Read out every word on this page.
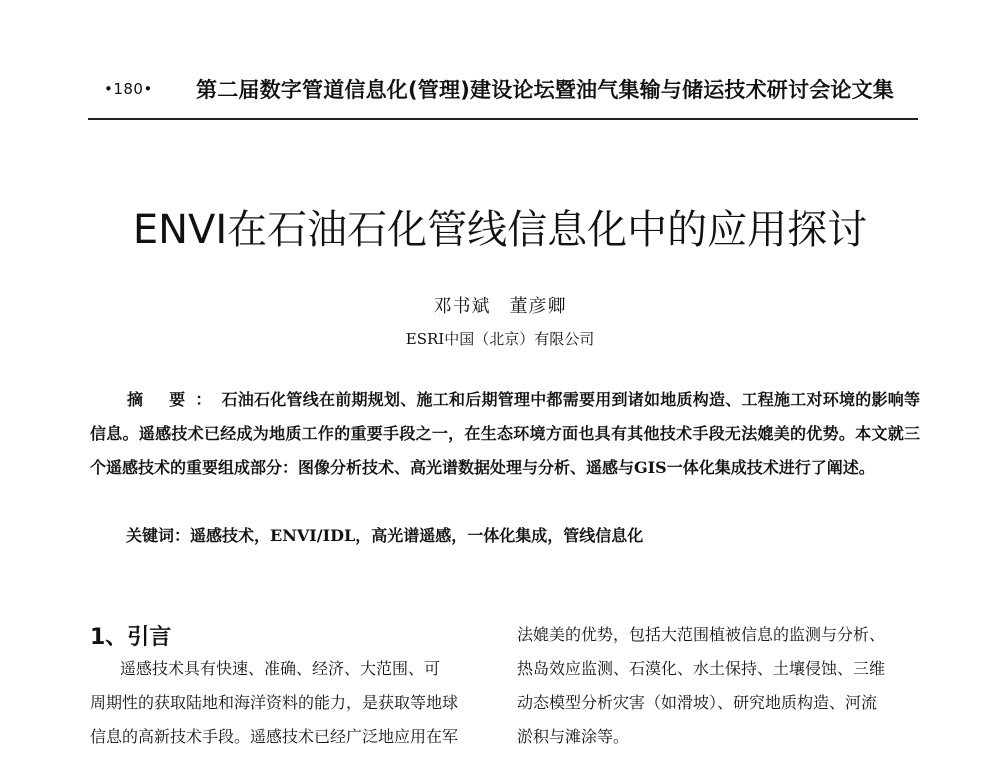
•180• 第二届数字管道信息化(管理)建设论坛暨油气集输与储运技术研讨会论文集
ENVI在石油石化管线信息化中的应用探讨
邓书斌　董彦卿
ESRI中国（北京）有限公司
摘 要：石油石化管线在前期规划、施工和后期管理中都需要用到诸如地质构造、工程施工对环境的影响等信息。遥感技术已经成为地质工作的重要手段之一，在生态环境方面也具有其他技术手段无法媲美的优势。本文就三个遥感技术的重要组成部分：图像分析技术、高光谱数据处理与分析、遥感与GIS一体化集成技术进行了阐述。
关键词：遥感技术，ENVI/IDL，高光谱遥感，一体化集成，管线信息化
1、引言
遥感技术具有快速、准确、经济、大范围、可
周期性的获取陆地和海洋资料的能力，是获取等地球
信息的高新技术手段。遥感技术已经广泛地应用在军
法媲美的优势，包括大范围植被信息的监测与分析、
热岛效应监测、石漠化、水土保持、土壤侵蚀、三维
动态模型分析灾害（如滑坡）、研究地质构造、河流
淤积与滩涂等。
